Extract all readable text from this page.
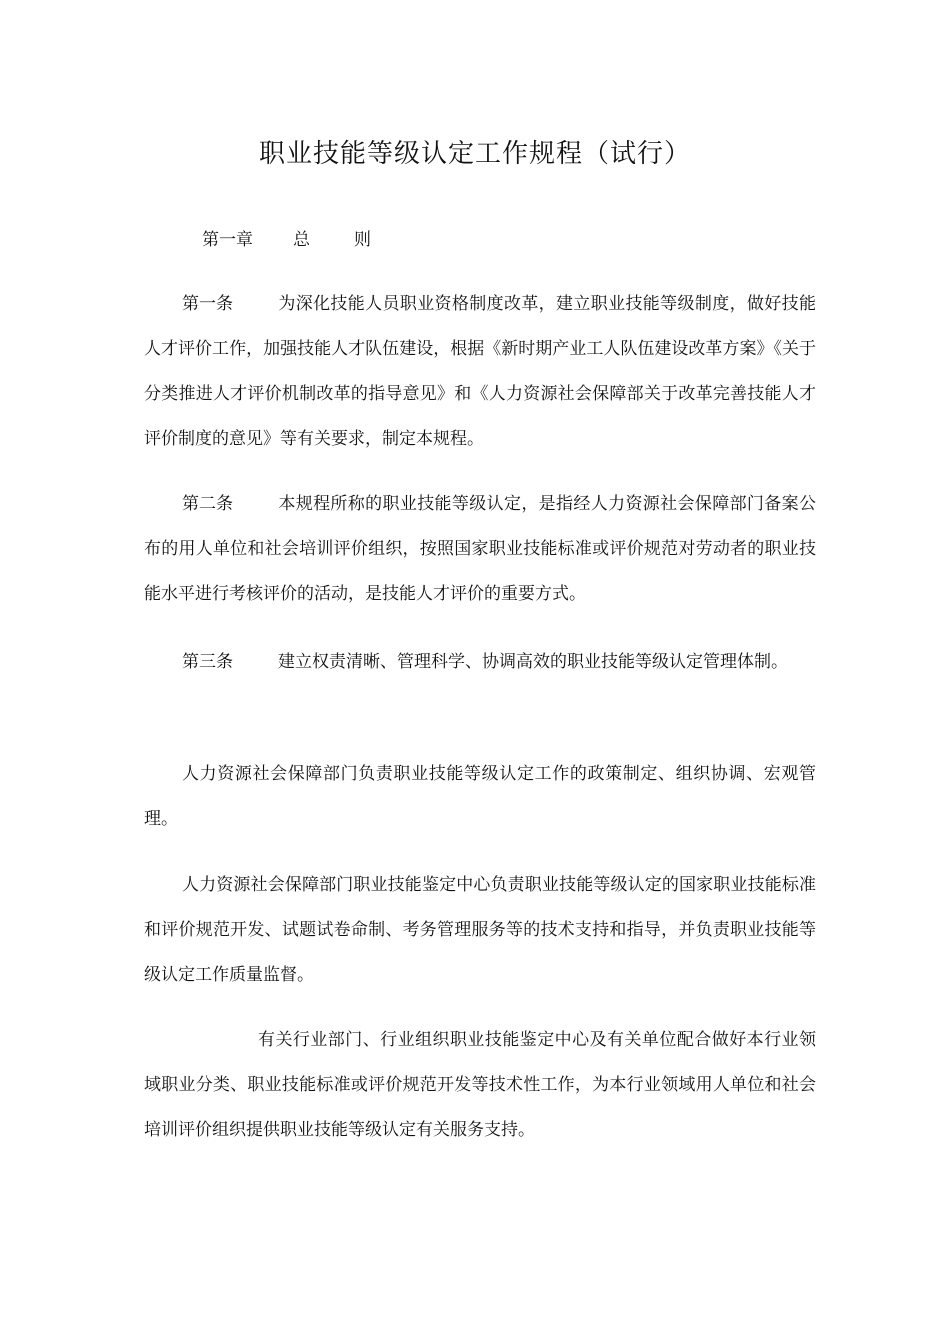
职业技能等级认定工作规程（试行）
第一章 总	则
第一条	为深化技能人员职业资格制度改革，建立职业技能等级制度，做好技能人才评价工作，加强技能人才队伍建设，根据《新时期产业工人队伍建设改革方案》《关于分类推进人才评价机制改革的指导意见》和《人力资源社会保障部关于改革完善技能人才评价制度的意见》等有关要求，制定本规程。
第二条	本规程所称的职业技能等级认定，是指经人力资源社会保障部门备案公布的用人单位和社会培训评价组织，按照国家职业技能标准或评价规范对劳动者的职业技能水平进行考核评价的活动，是技能人才评价的重要方式。
第三条	建立权责清晰、管理科学、协调高效的职业技能等级认定管理体制。
人力资源社会保障部门负责职业技能等级认定工作的政策制定、组织协调、宏观管理。
人力资源社会保障部门职业技能鉴定中心负责职业技能等级认定的国家职业技能标准和评价规范开发、试题试卷命制、考务管理服务等的技术支持和指导，并负责职业技能等级认定工作质量监督。
有关行业部门、行业组织职业技能鉴定中心及有关单位配合做好本行业领域职业分类、职业技能标准或评价规范开发等技术性工作，为本行业领域用人单位和社会培训评价组织提供职业技能等级认定有关服务支持。
